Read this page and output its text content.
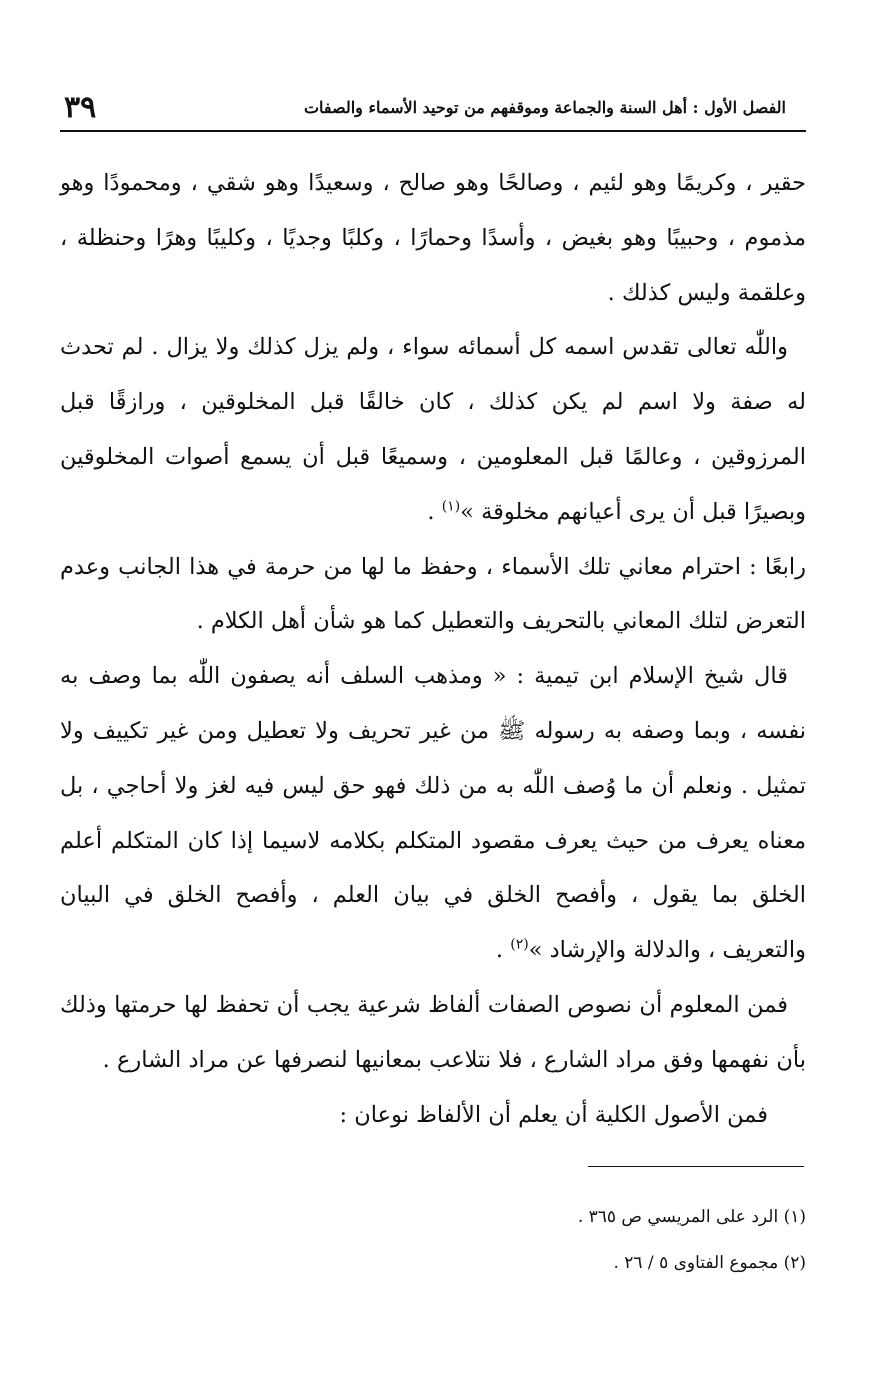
الفصل الأول : أهل السنة والجماعة وموقفهم من توحيد الأسماء والصفات
٣٩

حقير ، وكريمًا وهو لئيم ، وصالحًا وهو صالح ، وسعيدًا وهو شقي ، ومحمودًا وهو مذموم ، وحبيبًا وهو بغيض ، وأسدًا وحمارًا ، وكلبًا وجديًا ، وكليبًا وهرًا وحنظلة ، وعلقمة وليس كذلك .

واللّٰه تعالى تقدس اسمه كل أسمائه سواء ، ولم يزل كذلك ولا يزال . لم تحدث له صفة ولا اسم لم يكن كذلك ، كان خالقًا قبل المخلوقين ، ورازقًا قبل المرزوقين ، وعالمًا قبل المعلومين ، وسميعًا قبل أن يسمع أصوات المخلوقين وبصيرًا قبل أن يرى أعيانهم مخلوقة »$^{(١)}$ .

رابعًا : احترام معاني تلك الأسماء ، وحفظ ما لها من حرمة في هذا الجانب وعدم التعرض لتلك المعاني بالتحريف والتعطيل كما هو شأن أهل الكلام .

قال شيخ الإسلام ابن تيمية : « ومذهب السلف أنه يصفون اللّٰه بما وصف به نفسه ، وبما وصفه به رسوله ﷺ من غير تحريف ولا تعطيل ومن غير تكييف ولا تمثيل . ونعلم أن ما وُصف اللّٰه به من ذلك فهو حق ليس فيه لغز ولا أحاجي ، بل معناه يعرف من حيث يعرف مقصود المتكلم بكلامه لاسيما إذا كان المتكلم أعلم الخلق بما يقول ، وأفصح الخلق في بيان العلم ، وأفصح الخلق في البيان والتعريف ، والدلالة والإرشاد »$^{(٢)}$ .

فمن المعلوم أن نصوص الصفات ألفاظ شرعية يجب أن تحفظ لها حرمتها وذلك بأن نفهمها وفق مراد الشارع ، فلا نتلاعب بمعانيها لنصرفها عن مراد الشارع .

فمن الأصول الكلية أن يعلم أن الألفاظ نوعان :

(١) الرد على المريسي ص ٣٦٥ .
(٢) مجموع الفتاوى ٥ / ٢٦ .
